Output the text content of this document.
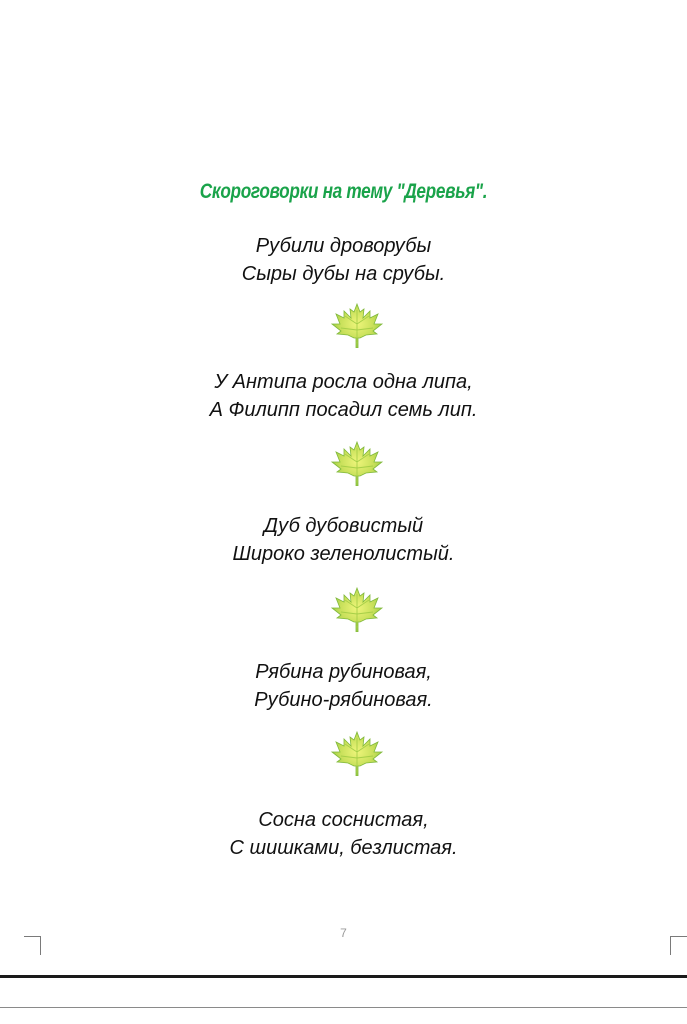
Скороговорки на тему "Деревья".
Рубили дроворубы
Сыры дубы на срубы.
У Антипа росла одна липа,
А Филипп посадил семь лип.
Дуб дубовистый
Широко зеленолистый.
Рябина рубиновая,
Рубино-рябиновая.
Сосна соснистая,
С шишками, безлистая.
7
